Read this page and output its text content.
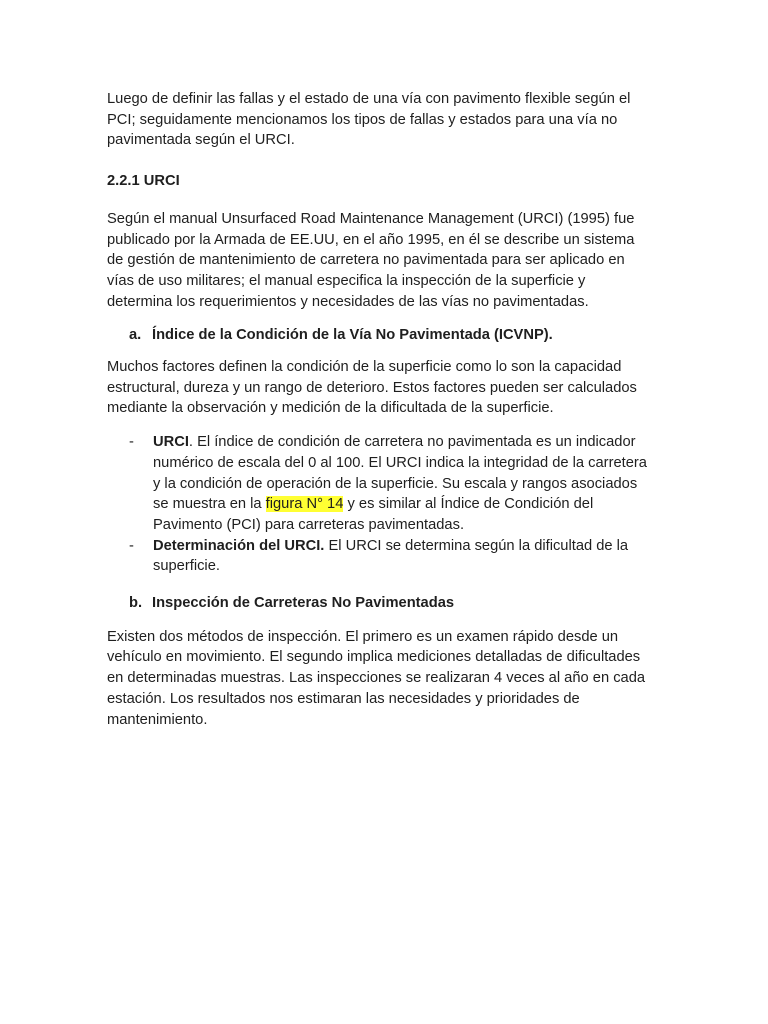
Luego de definir las fallas y el estado de una vía con pavimento flexible según el
PCI; seguidamente mencionamos los tipos de fallas y estados para una vía no
pavimentada según el URCI.

2.2.1 URCI

Según el manual Unsurfaced Road Maintenance Management (URCI) (1995) fue
publicado por la Armada de EE.UU, en el año 1995, en él se describe un sistema
de gestión de mantenimiento de carretera no pavimentada para ser aplicado en
vías de uso militares; el manual especifica la inspección de la superficie y
determina los requerimientos y necesidades de las vías no pavimentadas.

a. Índice de la Condición de la Vía No Pavimentada (ICVNP).

Muchos factores definen la condición de la superficie como lo son la capacidad
estructural, dureza y un rango de deterioro. Estos factores pueden ser calculados
mediante la observación y medición de la dificultada de la superficie.

-	URCI. El índice de condición de carretera no pavimentada es un indicador
numérico de escala del 0 al 100. El URCI indica la integridad de la carretera
y la condición de operación de la superficie. Su escala y rangos asociados
se muestra en la figura N° 14 y es similar al Índice de Condición del
Pavimento (PCI) para carreteras pavimentadas.
-	Determinación del URCI. El URCI se determina según la dificultad de la
superficie.
b. Inspección de Carreteras No Pavimentadas

Existen dos métodos de inspección. El primero es un examen rápido desde un
vehículo en movimiento. El segundo implica mediciones detalladas de dificultades
en determinadas muestras. Las inspecciones se realizaran 4 veces al año en cada
estación. Los resultados nos estimaran las necesidades y prioridades de
mantenimiento.
